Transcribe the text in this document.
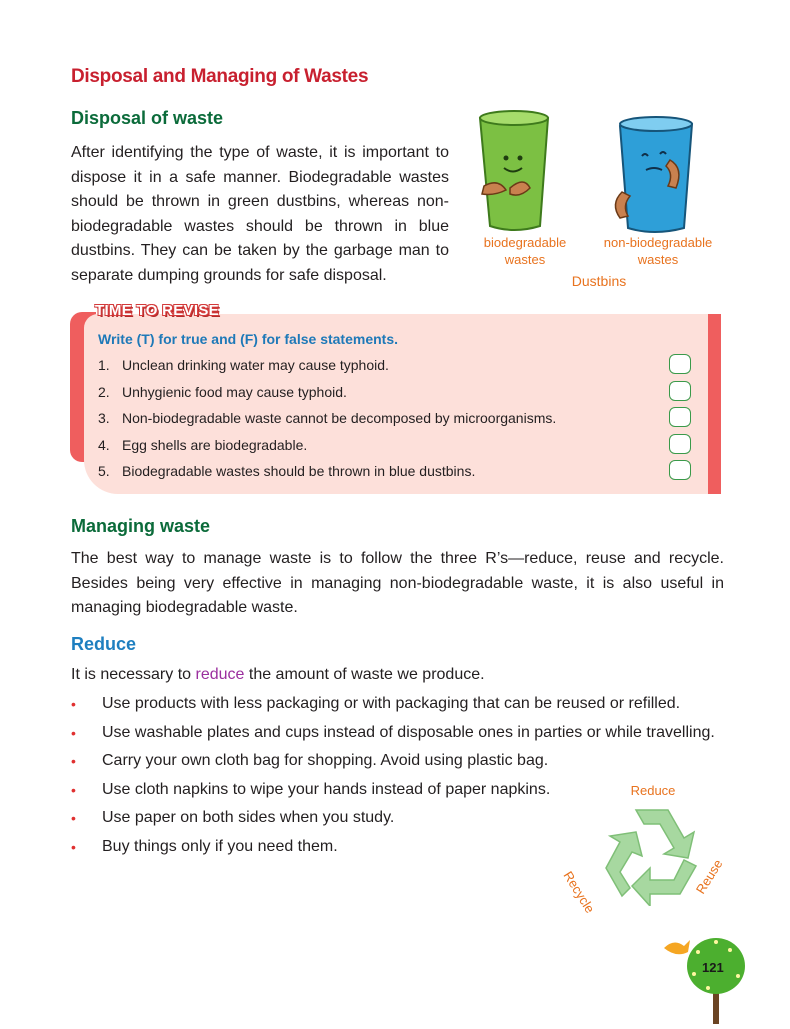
Disposal and Managing of Wastes
Disposal of waste
After identifying the type of waste, it is important to dispose it in a safe manner. Biodegradable wastes should be thrown in green dustbins, whereas non-biodegradable wastes should be thrown in blue dustbins. They can be taken by the garbage man to separate dumping grounds for safe disposal.
biodegradable
wastes
non-biodegradable
wastes
Dustbins
TIME TO REVISE
Write (T) for true and (F) for false statements.
1. Unclean drinking water may cause typhoid.
2. Unhygienic food may cause typhoid.
3. Non-biodegradable waste cannot be decomposed by microorganisms.
4. Egg shells are biodegradable.
5. Biodegradable wastes should be thrown in blue dustbins.
Managing waste
The best way to manage waste is to follow the three R’s—reduce, reuse and recycle. Besides being very effective in managing non-biodegradable waste, it is also useful in managing biodegradable waste.
Reduce
It is necessary to reduce the amount of waste we produce.
• Use products with less packaging or with packaging that can be reused or refilled.
• Use washable plates and cups instead of disposable ones in parties or while travelling.
• Carry your own cloth bag for shopping. Avoid using plastic bag.
• Use cloth napkins to wipe your hands instead of paper napkins.
• Use paper on both sides when you study.
• Buy things only if you need them.
Reduce
Recycle	Reuse
121
